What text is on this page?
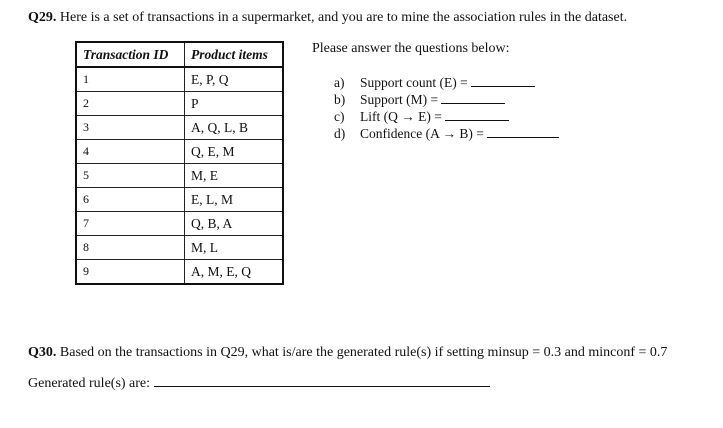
Q29. Here is a set of transactions in a supermarket, and you are to mine the association rules in the dataset.
Transaction ID	Product items
1	E, P, Q
2	P
3	A, Q, L, B
4	Q, E, M
5	M, E
6	E, L, M
7	Q, B, A
8	M, L
9	A, M, E, Q
Please answer the questions below:
a) Support count (E) =
b) Support (M) =
c) Lift (Q → E) =
d) Confidence (A → B) =
Q30. Based on the transactions in Q29, what is/are the generated rule(s) if setting minsup = 0.3 and minconf = 0.7
Generated rule(s) are:
